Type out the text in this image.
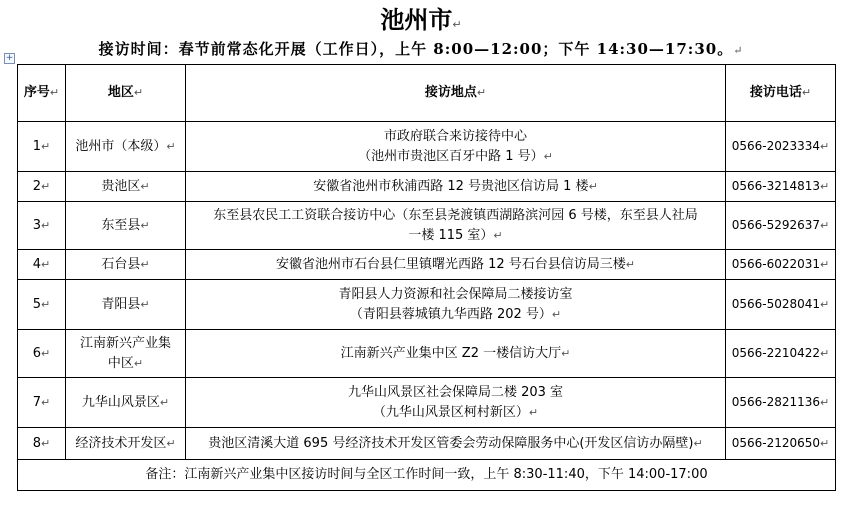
池州市↵
接访时间：春节前常态化开展（工作日），上午 8:00—12:00；下午 14:30—17:30。↵
+
序号↵	地区↵	接访地点↵	接访电话↵
1↵	池州市（本级）↵	市政府联合来访接待中心
（池州市贵池区百牙中路 1 号）↵	0566-2023334↵
2↵	贵池区↵	安徽省池州市秋浦西路 12 号贵池区信访局 1 楼↵	0566-3214813↵
3↵	东至县↵	东至县农民工工资联合接访中心（东至县尧渡镇西湖路滨河园 6 号楼，东至县人社局
一楼 115 室）↵	0566-5292637↵
4↵	石台县↵	安徽省池州市石台县仁里镇曙光西路 12 号石台县信访局三楼↵	0566-6022031↵
5↵	青阳县↵	青阳县人力资源和社会保障局二楼接访室
（青阳县蓉城镇九华西路 202 号）↵	0566-5028041↵
6↵	江南新兴产业集
中区↵	江南新兴产业集中区 Z2 一楼信访大厅↵	0566-2210422↵
7↵	九华山风景区↵	九华山风景区社会保障局二楼 203 室
（九华山风景区柯村新区）↵	0566-2821136↵
8↵	经济技术开发区↵	贵池区清溪大道 695 号经济技术开发区管委会劳动保障服务中心(开发区信访办隔壁)↵	0566-2120650↵
备注：江南新兴产业集中区接访时间与全区工作时间一致，上午 8:30-11:40，下午 14:00-17:00			
